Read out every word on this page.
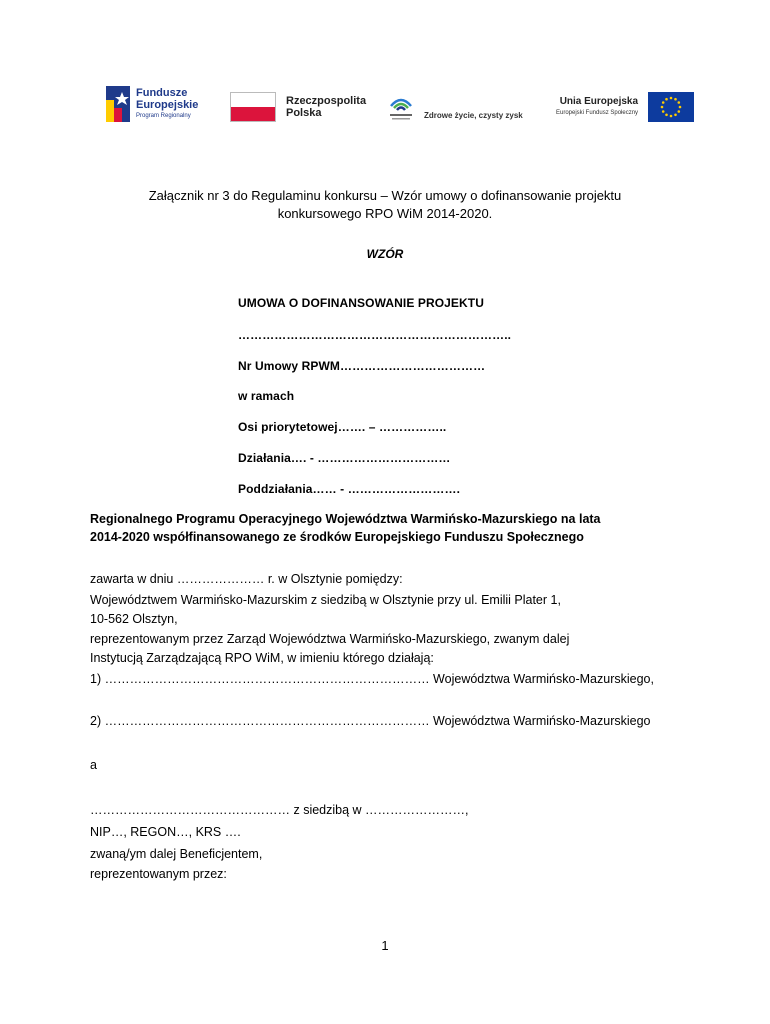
Fundusze
Europejskie
Program Regionalny
Rzeczpospolita
Polska	Zdrowe życie, czysty zysk
Unia Europejska
Europejski Fundusz Społeczny
Załącznik nr 3 do Regulaminu konkursu – Wzór umowy o dofinansowanie projektu
konkursowego RPO WiM 2014-2020.
WZÓR
UMOWA O DOFINANSOWANIE PROJEKTU
…………………………………………………………..
Nr Umowy RPWM………………………………
w ramach
Osi priorytetowej……. – ……………..
Działania…. - ……………………………
Poddziałania…… - ……………………….
Regionalnego Programu Operacyjnego Województwa Warmińsko-Mazurskiego na lata
2014-2020 współfinansowanego ze środków Europejskiego Funduszu Społecznego
zawarta w dniu ………………… r. w Olsztynie pomiędzy:
Województwem Warmińsko-Mazurskim z siedzibą w Olsztynie przy ul. Emilii Plater 1,
10-562 Olsztyn,
reprezentowanym przez Zarząd Województwa Warmińsko-Mazurskiego, zwanym dalej
Instytucją Zarządzającą RPO WiM, w imieniu którego działają:
1) …………………………………………………………………… Województwa Warmińsko-Mazurskiego,
2) …………………………………………………………………… Województwa Warmińsko-Mazurskiego
a
………………………………………… z siedzibą w ……………………,
NIP…, REGON…, KRS ….
zwaną/ym dalej Beneficjentem,
reprezentowanym przez:
1
